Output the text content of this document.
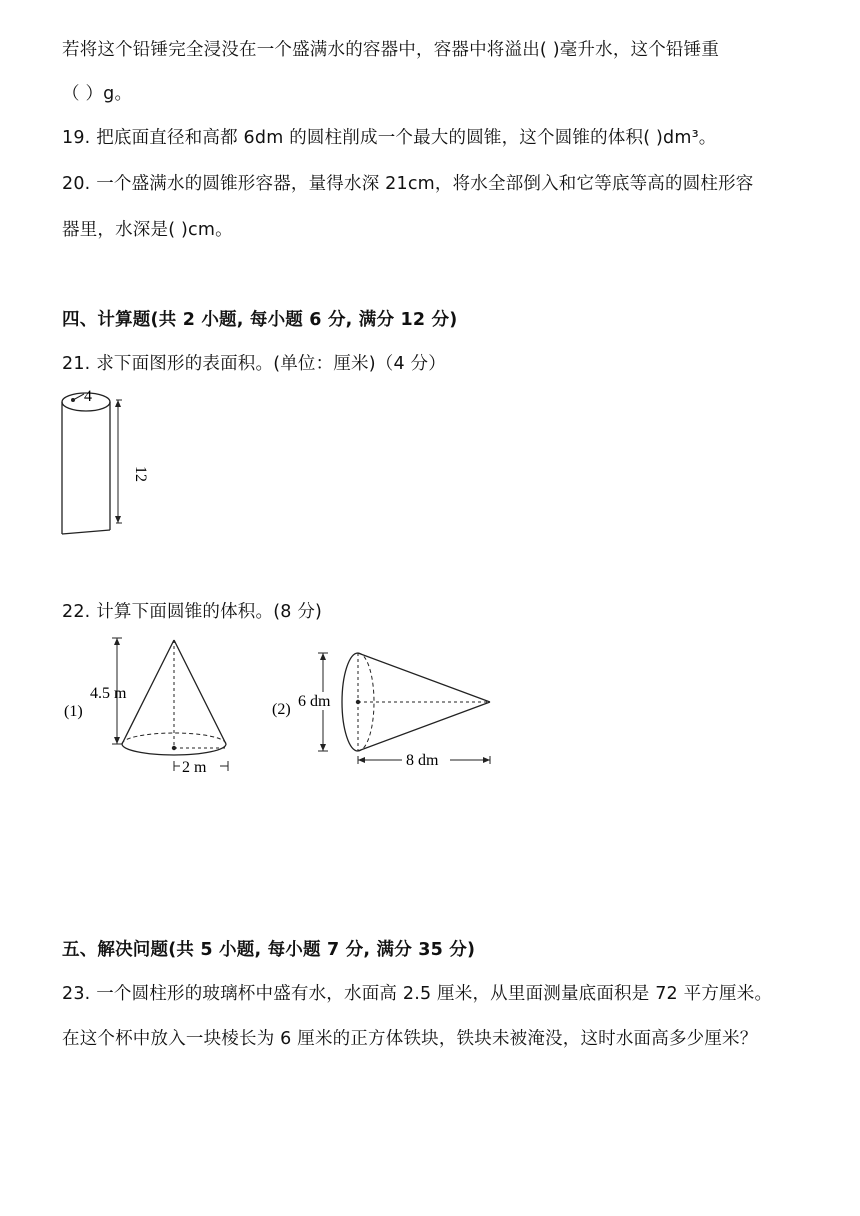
若将这个铅锤完全浸没在一个盛满水的容器中，容器中将溢出( )毫升水，这个铅锤重
（ ）g。
19. 把底面直径和高都 6dm 的圆柱削成一个最大的圆锥，这个圆锥的体积( )dm³。
20. 一个盛满水的圆锥形容器，量得水深 21cm，将水全部倒入和它等底等高的圆柱形容
器里，水深是( )cm。
四、计算题(共 2 小题, 每小题 6 分, 满分 12 分)
21. 求下面图形的表面积。(单位：厘米)（4 分）
4
12
22. 计算下面圆锥的体积。(8 分)
(1)
4.5 m
2 m
(2) 6 dm
8 dm
五、解决问题(共 5 小题, 每小题 7 分, 满分 35 分)
23. 一个圆柱形的玻璃杯中盛有水，水面高 2.5 厘米，从里面测量底面积是 72 平方厘米。
在这个杯中放入一块棱长为 6 厘米的正方体铁块，铁块未被淹没，这时水面高多少厘米？
